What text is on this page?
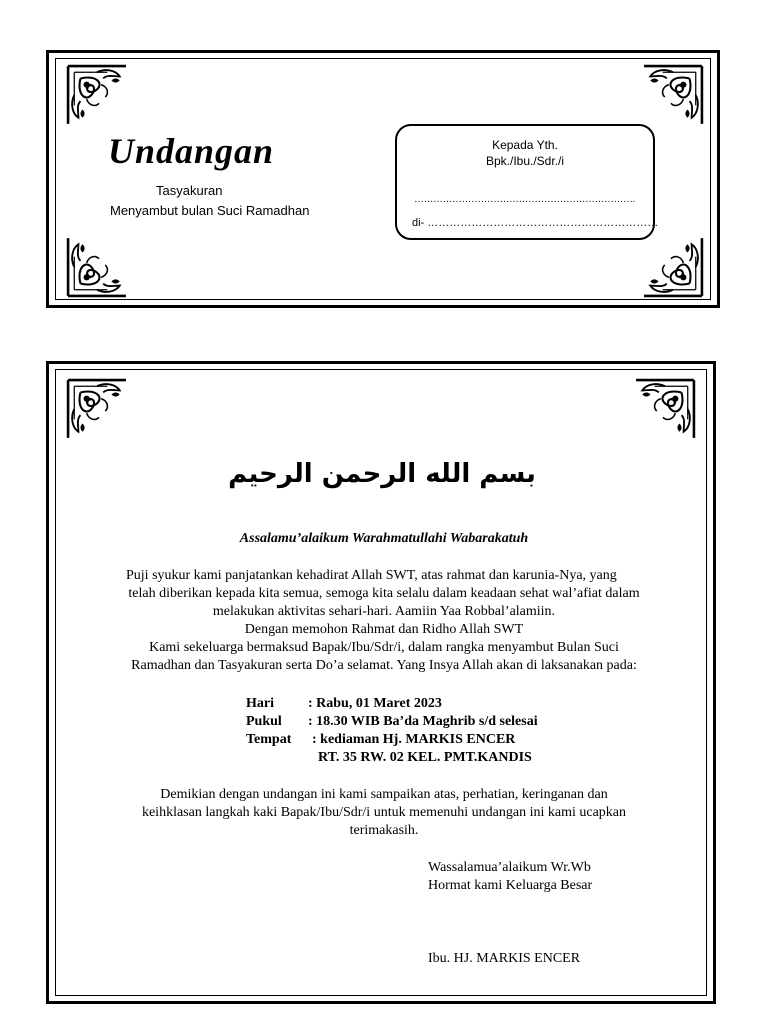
Undangan
Tasyakuran
Menyambut bulan Suci Ramadhan
Kepada Yth.
Bpk./Ibu./Sdr./i
…………………………………………………………….
di- ………………………………………………………
بسم الله الرحمن الرحيم
Assalamu’alaikum Warahmatullahi Wabarakatuh
Puji syukur kami panjatankan kehadirat Allah SWT, atas rahmat dan karunia-Nya, yang
telah diberikan kepada kita semua, semoga kita selalu dalam keadaan sehat wal’afiat dalam
melakukan aktivitas sehari-hari. Aamiin Yaa Robbal’alamiin.
Dengan memohon Rahmat dan Ridho Allah SWT
Kami sekeluarga bermaksud Bapak/Ibu/Sdr/i, dalam rangka menyambut Bulan Suci
Ramadhan dan Tasyakuran serta Do’a selamat. Yang Insya Allah akan di laksanakan pada:
Hari : Rabu, 01 Maret 2023
Pukul : 18.30 WIB Ba’da Maghrib s/d selesai
Tempat : kediaman Hj. MARKIS ENCER
RT. 35 RW. 02 KEL. PMT.KANDIS
Demikian dengan undangan ini kami sampaikan atas, perhatian, keringanan dan
keihklasan langkah kaki Bapak/Ibu/Sdr/i untuk memenuhi undangan ini kami ucapkan
terimakasih.
Wassalamua’alaikum Wr.Wb
Hormat kami Keluarga Besar
Ibu. HJ. MARKIS ENCER
